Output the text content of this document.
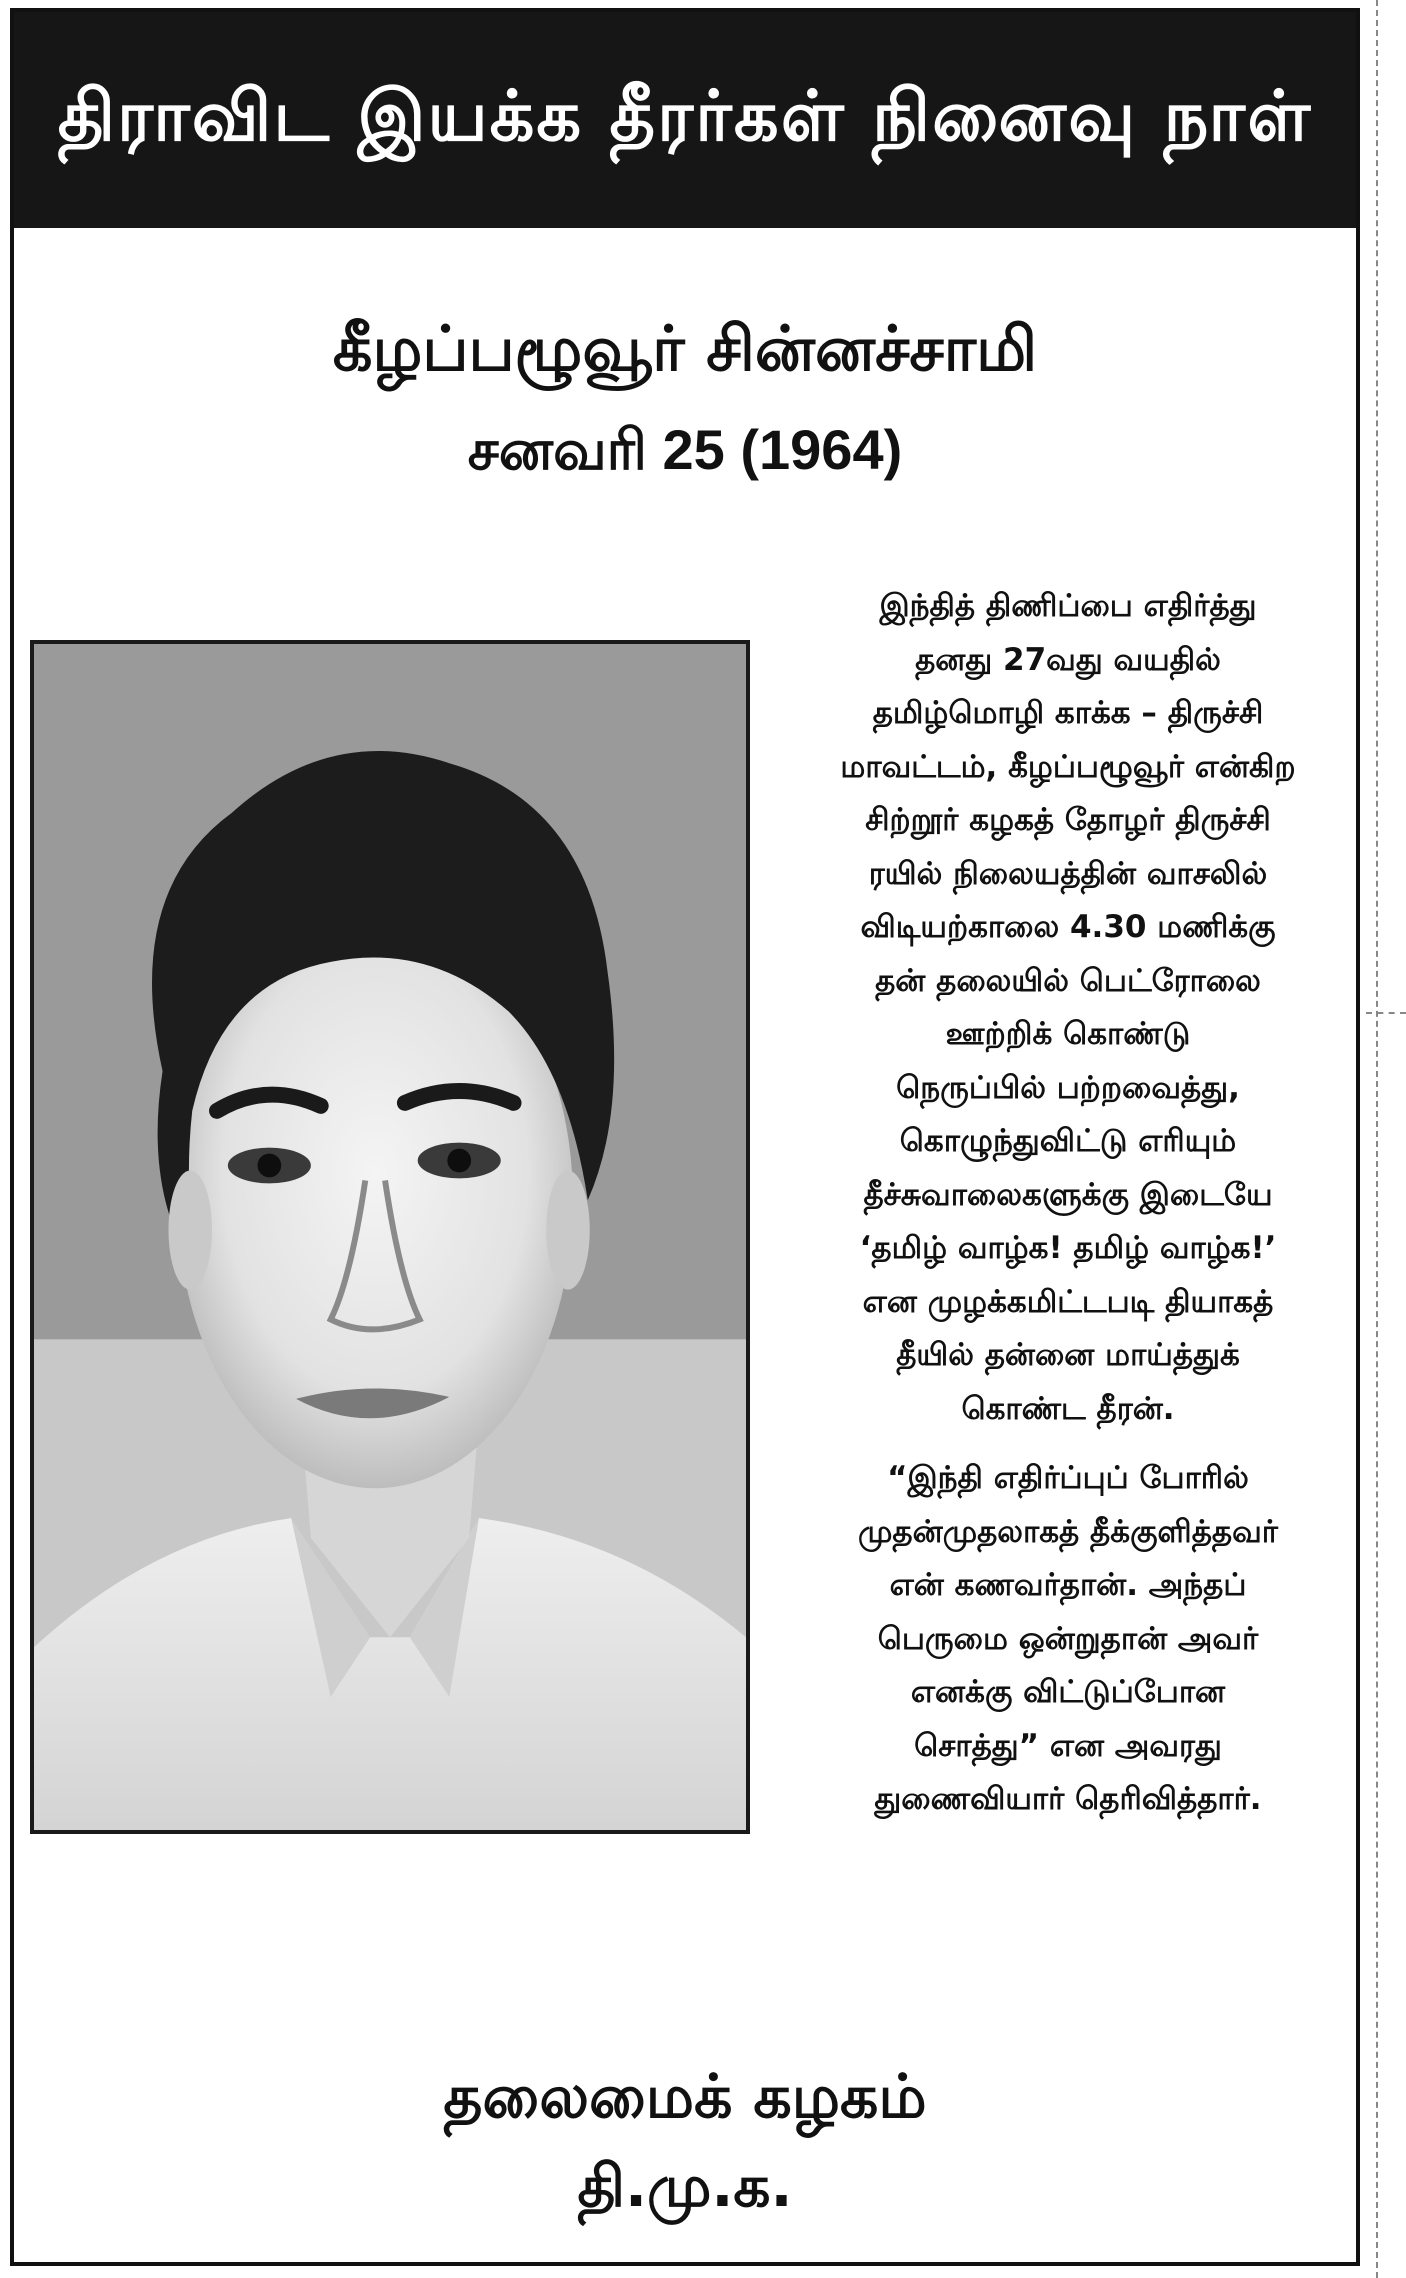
திராவிட இயக்க தீரர்கள் நினைவு நாள்
கீழப்பழூவூர் சின்னச்சாமி
சனவரி 25 (1964)

இந்தித் திணிப்பை எதிர்த்து
தனது 27வது வயதில்
தமிழ்மொழி காக்க – திருச்சி
மாவட்டம், கீழப்பழூவூர் என்கிற
சிற்றூர் கழகத் தோழர் திருச்சி
ரயில் நிலையத்தின் வாசலில்
விடியற்காலை 4.30 மணிக்கு
தன் தலையில் பெட்ரோலை
ஊற்றிக் கொண்டு
நெருப்பில் பற்றவைத்து,
கொழுந்துவிட்டு எரியும்
தீச்சுவாலைகளுக்கு இடையே
‘தமிழ் வாழ்க! தமிழ் வாழ்க!’
என முழக்கமிட்டபடி தியாகத்
தீயில் தன்னை மாய்த்துக்
கொண்ட தீரன்.

“இந்தி எதிர்ப்புப் போரில்
முதன்முதலாகத் தீக்குளித்தவர்
என் கணவர்தான். அந்தப்
பெருமை ஒன்றுதான் அவர்
எனக்கு விட்டுப்போன
சொத்து” என அவரது
துணைவியார் தெரிவித்தார்.

தலைமைக் கழகம்
தி.மு.க.
